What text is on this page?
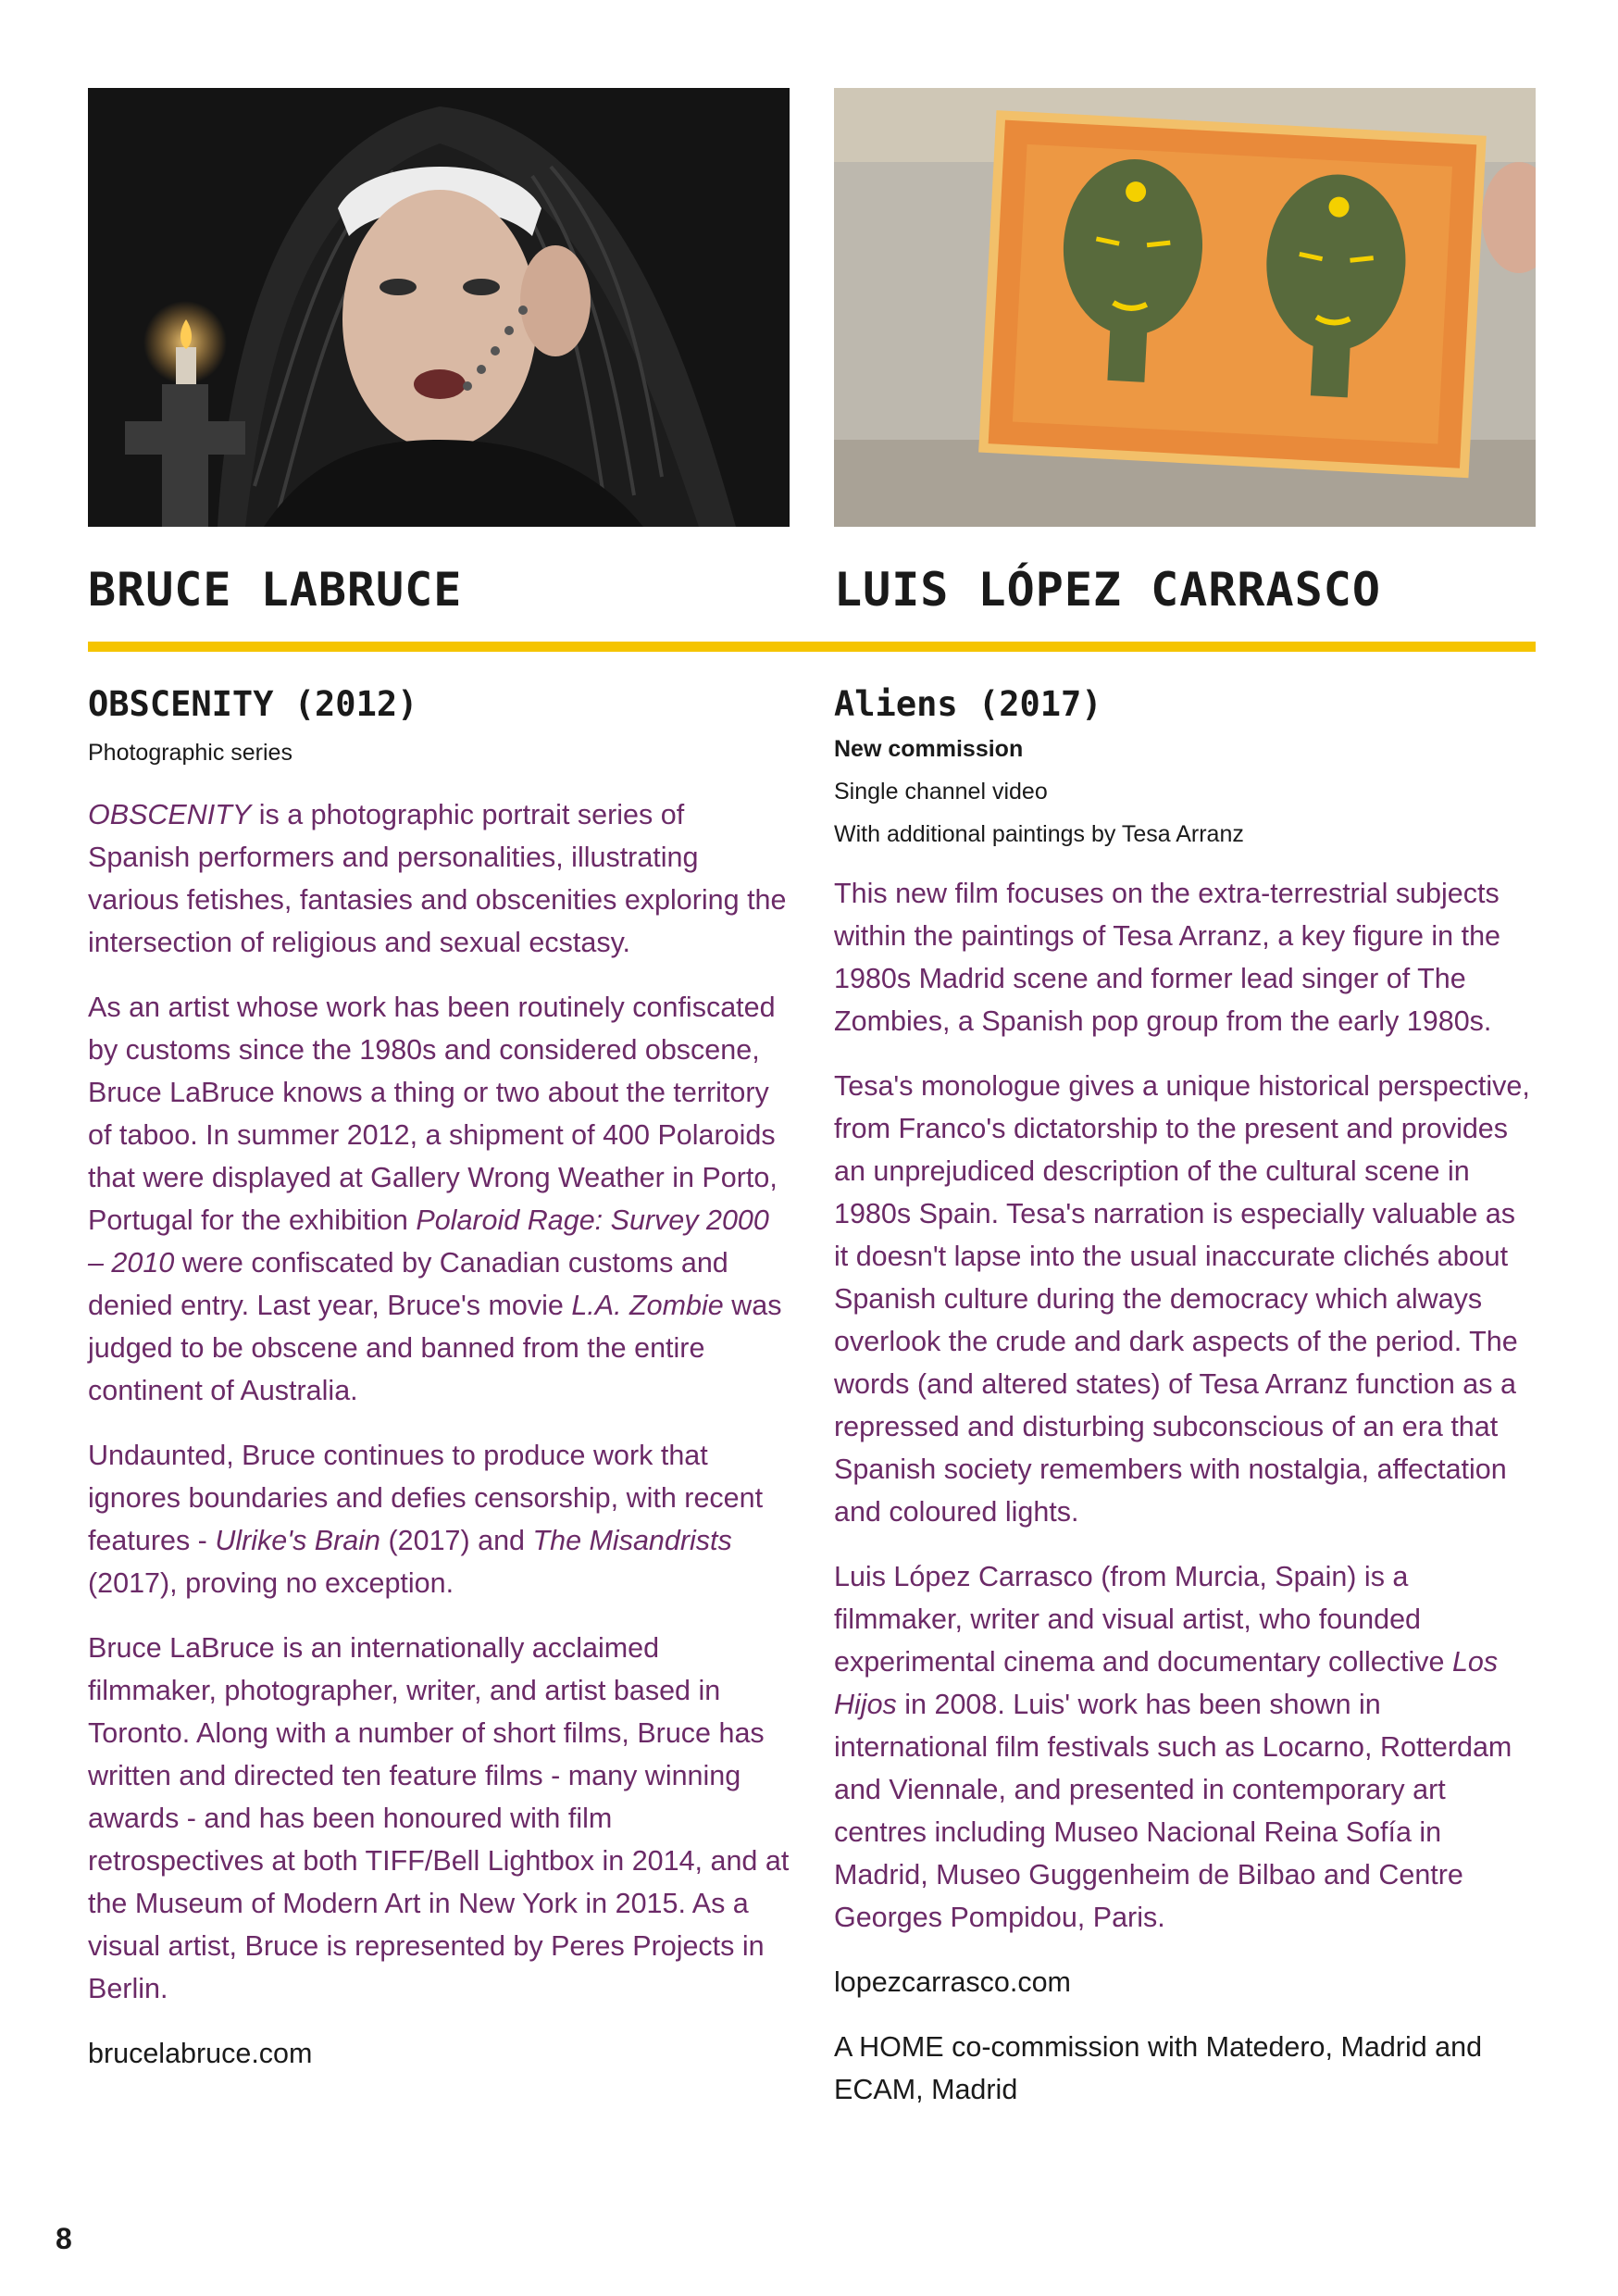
BRUCE LABRUCE
OBSCENITY (2012)
Photographic series

OBSCENITY is a photographic portrait series of Spanish performers and personalities, illustrating various fetishes, fantasies and obscenities exploring the intersection of religious and sexual ecstasy.

As an artist whose work has been routinely confiscated by customs since the 1980s and considered obscene, Bruce LaBruce knows a thing or two about the territory of taboo. In summer 2012, a shipment of 400 Polaroids that were displayed at Gallery Wrong Weather in Porto, Portugal for the exhibition Polaroid Rage: Survey 2000 – 2010 were confiscated by Canadian customs and denied entry. Last year, Bruce's movie L.A. Zombie was judged to be obscene and banned from the entire continent of Australia.

Undaunted, Bruce continues to produce work that ignores boundaries and defies censorship, with recent features - Ulrike's Brain (2017) and The Misandrists (2017), proving no exception.

Bruce LaBruce is an internationally acclaimed filmmaker, photographer, writer, and artist based in Toronto. Along with a number of short films, Bruce has written and directed ten feature films - many winning awards - and has been honoured with film retrospectives at both TIFF/Bell Lightbox in 2014, and at the Museum of Modern Art in New York in 2015. As a visual artist, Bruce is represented by Peres Projects in Berlin.

brucelabruce.com

LUIS LÓPEZ CARRASCO
Aliens (2017)
New commission
Single channel video
With additional paintings by Tesa Arranz

This new film focuses on the extra-terrestrial subjects within the paintings of Tesa Arranz, a key figure in the 1980s Madrid scene and former lead singer of The Zombies, a Spanish pop group from the early 1980s.

Tesa's monologue gives a unique historical perspective, from Franco's dictatorship to the present and provides an unprejudiced description of the cultural scene in 1980s Spain. Tesa's narration is especially valuable as it doesn't lapse into the usual inaccurate clichés about Spanish culture during the democracy which always overlook the crude and dark aspects of the period. The words (and altered states) of Tesa Arranz function as a repressed and disturbing subconscious of an era that Spanish society remembers with nostalgia, affectation and coloured lights.

Luis López Carrasco (from Murcia, Spain) is a filmmaker, writer and visual artist, who founded experimental cinema and documentary collective Los Hijos in 2008. Luis' work has been shown in international film festivals such as Locarno, Rotterdam and Viennale, and presented in contemporary art centres including Museo Nacional Reina Sofía in Madrid, Museo Guggenheim de Bilbao and Centre Georges Pompidou, Paris.

lopezcarrasco.com

A HOME co-commission with Matedero, Madrid and ECAM, Madrid

8
